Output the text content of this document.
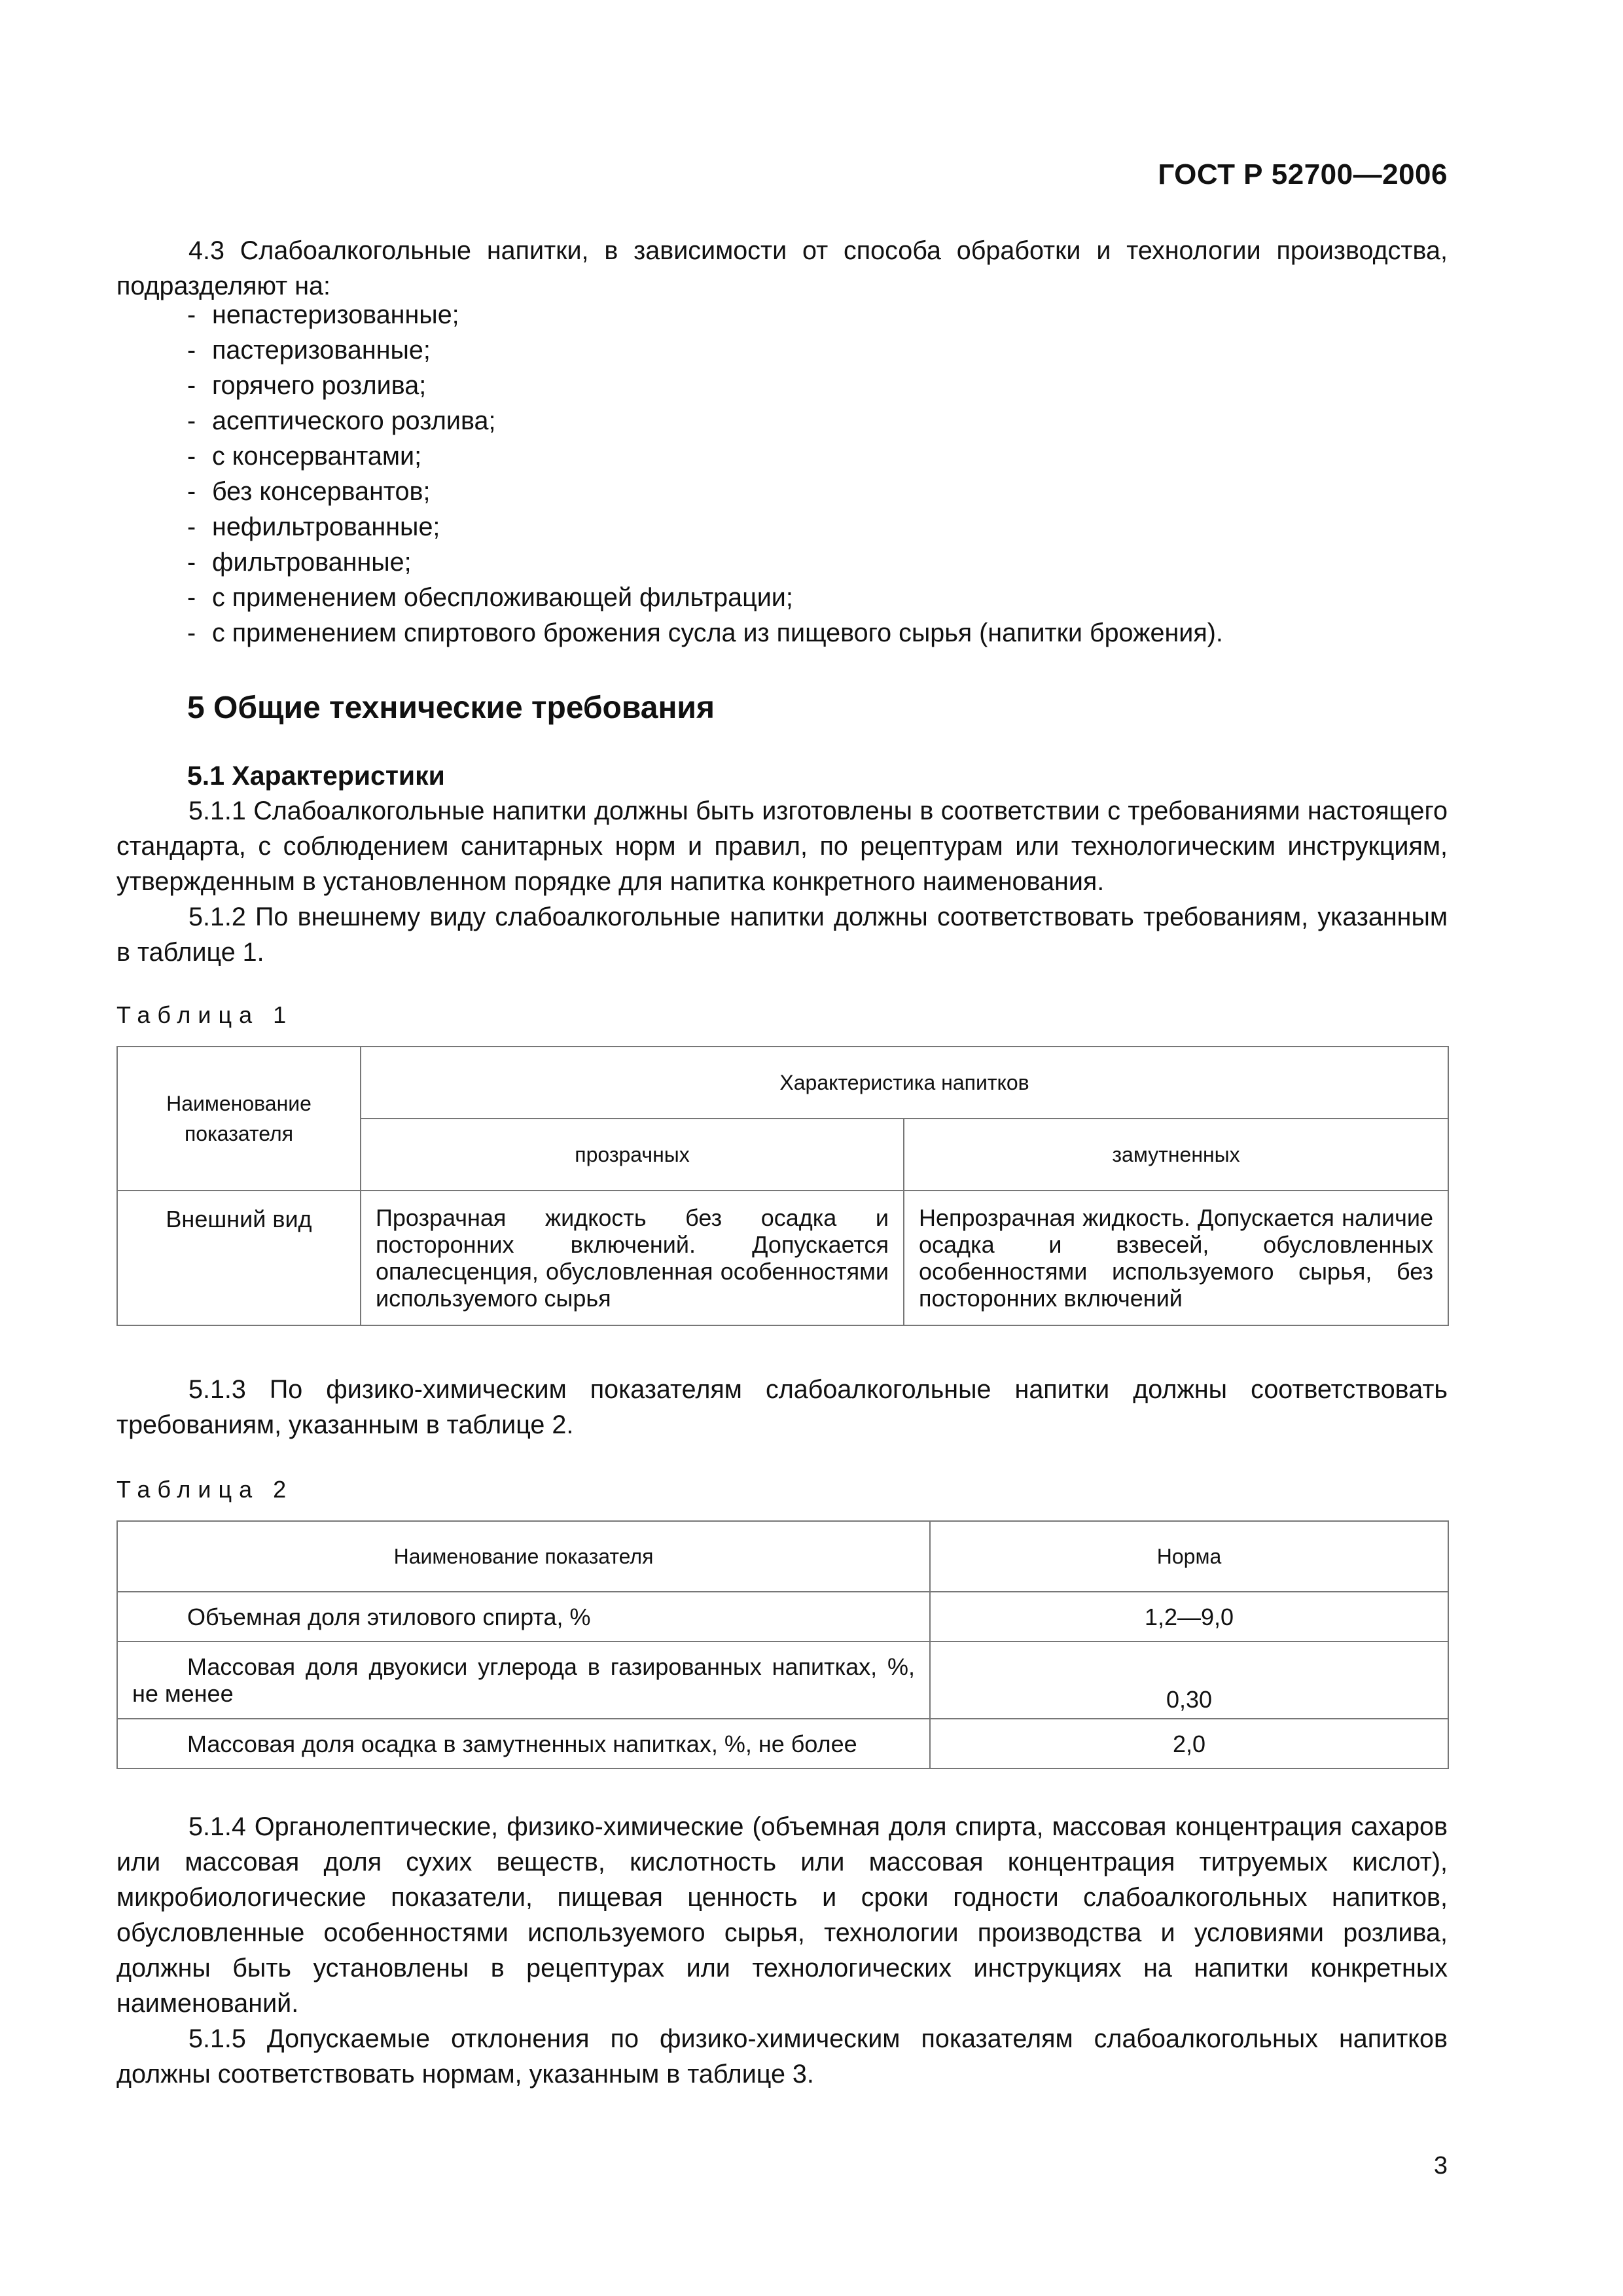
ГОСТ Р 52700—2006

4.3 Слабоалкогольные напитки, в зависимости от способа обработки и технологии производства, подразделяют на:

- непастеризованные;
- пастеризованные;
- горячего розлива;
- асептического розлива;
- с консервантами;
- без консервантов;
- нефильтрованные;
- фильтрованные;
- с применением обеспложивающей фильтрации;
- с применением спиртового брожения сусла из пищевого сырья (напитки брожения).
5 Общие технические требования
5.1 Характеристики

5.1.1 Слабоалкогольные напитки должны быть изготовлены в соответствии с требованиями настоящего стандарта, с соблюдением санитарных норм и правил, по рецептурам или технологическим инструкциям, утвержденным в установленном порядке для напитка конкретного наименования.

5.1.2 По внешнему виду слабоалкогольные напитки должны соответствовать требованиям, указанным в таблице 1.

Таблица 1

Наименование показателя	Характеристика напитков	
	прозрачных	замутненных
Внешний вид	Прозрачная жидкость без осадка и посторонних включений. Допускается опалесценция, обусловленная особенностями используемого сырья	Непрозрачная жидкость. Допускается наличие осадка и взвесей, обусловленных особенностями используемого сырья, без посторонних включений

5.1.3 По физико-химическим показателям слабоалкогольные напитки должны соответствовать требованиям, указанным в таблице 2.

Таблица 2

Наименование показателя	Норма
Объемная доля этилового спирта, %	1,2—9,0
Массовая доля двуокиси углерода в газированных напитках, %, не менее	0,30
Массовая доля осадка в замутненных напитках, %, не более	2,0

5.1.4 Органолептические, физико-химические (объемная доля спирта, массовая концентрация сахаров или массовая доля сухих веществ, кислотность или массовая концентрация титруемых кислот), микробиологические показатели, пищевая ценность и сроки годности слабоалкогольных напитков, обусловленные особенностями используемого сырья, технологии производства и условиями розлива, должны быть установлены в рецептурах или технологических инструкциях на напитки конкретных наименований.

5.1.5 Допускаемые отклонения по физико-химическим показателям слабоалкогольных напитков должны соответствовать нормам, указанным в таблице 3.

3
